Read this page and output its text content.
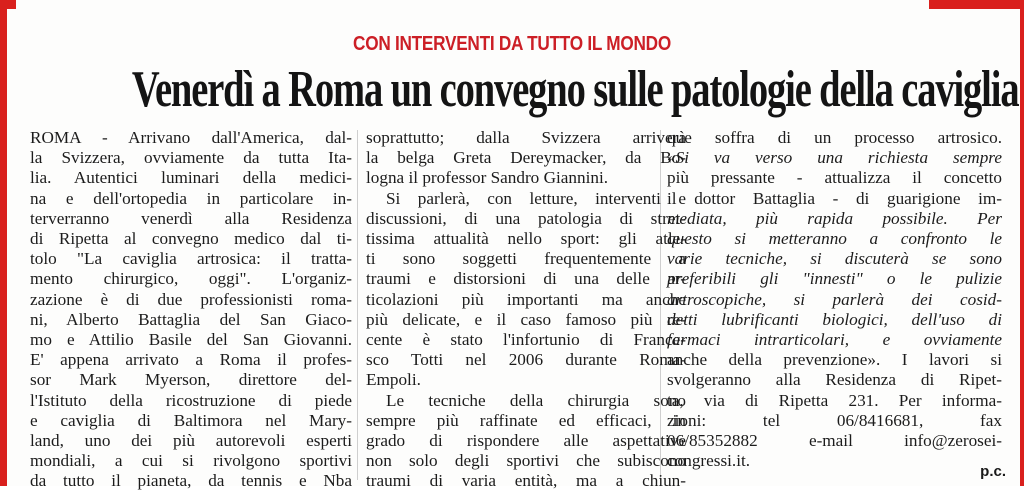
CON INTERVENTI DA TUTTO IL MONDO
Venerdì a Roma un convegno sulle patologie della caviglia
ROMA - Arrivano dall'America, dal-
la Svizzera, ovviamente da tutta Ita-
lia. Autentici luminari della medici-
na e dell'ortopedia in particolare in-
terverranno venerdì alla Residenza
di Ripetta al convegno medico dal ti-
tolo "La caviglia artrosica: il tratta-
mento chirurgico, oggi". L'organiz-
zazione è di due professionisti roma-
ni, Alberto Battaglia del San Giaco-
mo e Attilio Basile del San Giovanni.
E' appena arrivato a Roma il profes-
sor Mark Myerson, direttore del-
l'Istituto della ricostruzione di piede
e caviglia di Baltimora nel Mary-
land, uno dei più autorevoli esperti
mondiali, a cui si rivolgono sportivi
da tutto il pianeta, da tennis e Nba
soprattutto; dalla Svizzera arriverà
la belga Greta Dereymacker, da Bo-
logna il professor Sandro Giannini.
Si parlerà, con letture, interventi e
discussioni, di una patologia di stret-
tissima attualità nello sport: gli atle-
ti sono soggetti frequentemente a
traumi e distorsioni di una delle ar-
ticolazioni più importanti ma anche
più delicate, e il caso famoso più re-
cente è stato l'infortunio di France-
sco Totti nel 2006 durante Roma-
Empoli.
Le tecniche della chirurgia sono
sempre più raffinate ed efficaci, in
grado di rispondere alle aspettative
non solo degli sportivi che subiscono
traumi di varia entità, ma a chiun-
que soffra di un processo artrosico.
«Si va verso una richiesta sempre
più pressante - attualizza il concetto
il dottor Battaglia - di guarigione im-
mediata, più rapida possibile. Per
questo si metteranno a confronto le
varie tecniche, si discuterà se sono
preferibili gli "innesti" o le pulizie
artroscopiche, si parlerà dei cosid-
detti lubrificanti biologici, dell'uso di
farmaci intrarticolari, e ovviamente
anche della prevenzione». I lavori si
svolgeranno alla Residenza di Ripet-
ta, via di Ripetta 231. Per informa-
zioni: tel 06/8416681, fax
06/85352882 e-mail info@zerosei-
congressi.it.
p.c.
